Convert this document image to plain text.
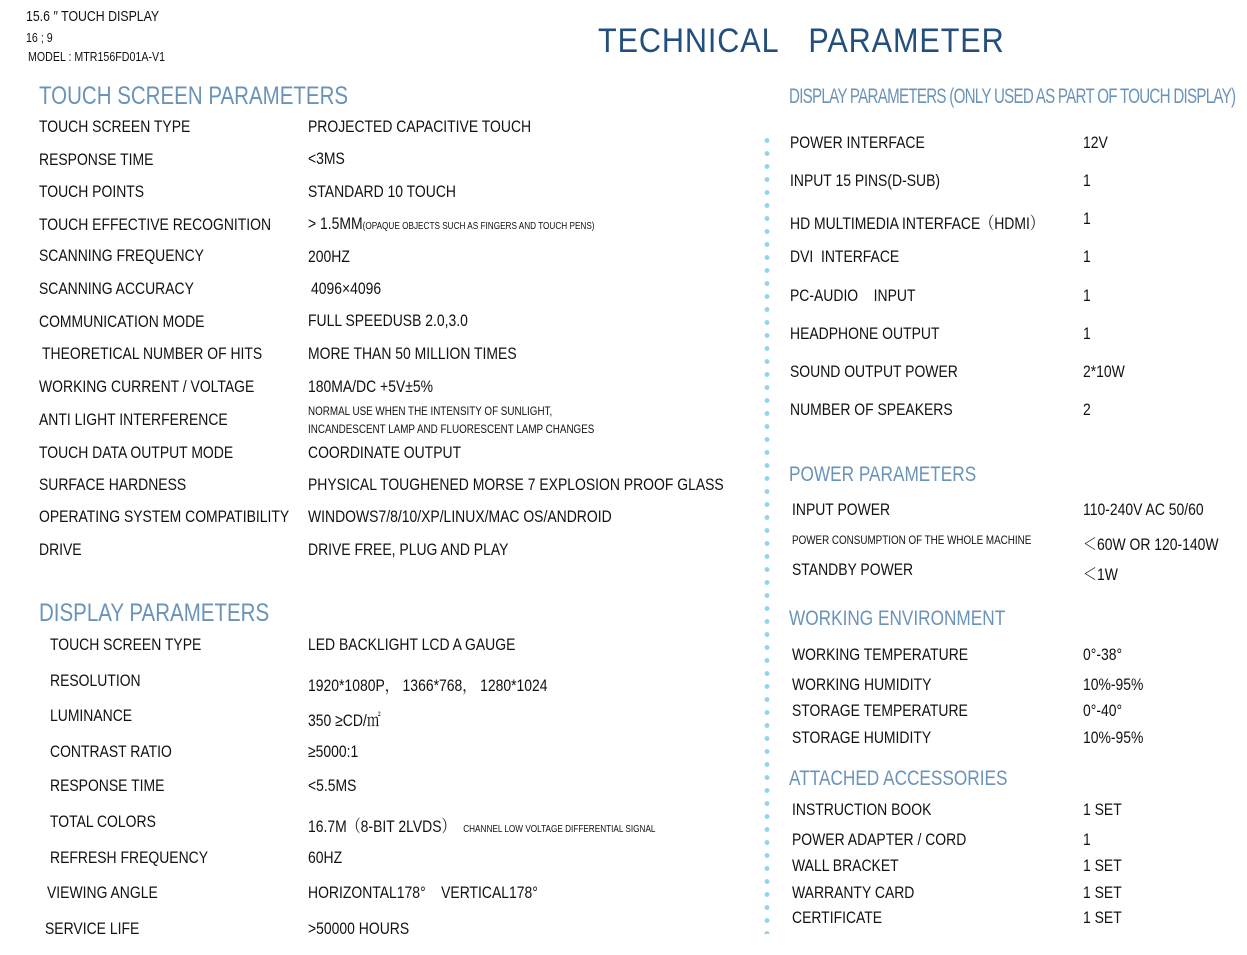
15.6 ′′ TOUCH DISPLAY
16 ; 9
MODEL : MTR156FD01A-V1	TECHNICAL PARAMETER
TOUCH SCREEN PARAMETERS
TOUCH SCREEN TYPE	PROJECTED CAPACITIVE TOUCH
RESPONSE TIME	<3MS
TOUCH POINTS	STANDARD 10 TOUCH
TOUCH EFFECTIVE RECOGNITION	> 1.5MM(OPAQUE OBJECTS SUCH AS FINGERS AND TOUCH PENS)
SCANNING FREQUENCY	200HZ
SCANNING ACCURACY	4096×4096
COMMUNICATION MODE	FULL SPEEDUSB 2.0,3.0
THEORETICAL NUMBER OF HITS	MORE THAN 50 MILLION TIMES
WORKING CURRENT / VOLTAGE	180MA/DC +5V±5%
ANTI LIGHT INTERFERENCE	NORMAL USE WHEN THE INTENSITY OF SUNLIGHT,
INCANDESCENT LAMP AND FLUORESCENT LAMP CHANGES
TOUCH DATA OUTPUT MODE	COORDINATE OUTPUT
SURFACE HARDNESS	PHYSICAL TOUGHENED MORSE 7 EXPLOSION PROOF GLASS
OPERATING SYSTEM COMPATIBILITY	WINDOWS7/8/10/XP/LINUX/MAC OS/ANDROID
DRIVE	DRIVE FREE, PLUG AND PLAY
DISPLAY PARAMETERS
TOUCH SCREEN TYPE	LED BACKLIGHT LCD A GAUGE
RESOLUTION	1920*1080P， 1366*768， 1280*1024
LUMINANCE	350 ≥CD/㎡
CONTRAST RATIO	≥5000:1
RESPONSE TIME	<5.5MS
TOTAL COLORS	16.7M（8-BIT 2LVDS） CHANNEL LOW VOLTAGE DIFFERENTIAL SIGNAL
REFRESH FREQUENCY	60HZ
VIEWING ANGLE	HORIZONTAL178°    VERTICAL178°
SERVICE LIFE	>50000 HOURS
DISPLAY PARAMETERS (ONLY USED AS PART OF TOUCH DISPLAY)
POWER INTERFACE	12V
INPUT 15 PINS(D-SUB)	1
HD MULTIMEDIA INTERFACE（HDMI）	1
DVI  INTERFACE	1
PC-AUDIO    INPUT	1
HEADPHONE OUTPUT	1
SOUND OUTPUT POWER	2*10W
NUMBER OF SPEAKERS	2
POWER PARAMETERS
INPUT POWER	110-240V AC 50/60
POWER CONSUMPTION OF THE WHOLE MACHINE	＜60W OR 120-140W
STANDBY POWER	＜1W
WORKING ENVIRONMENT
WORKING TEMPERATURE	0°-38°
WORKING HUMIDITY	10%-95%
STORAGE TEMPERATURE	0°-40°
STORAGE HUMIDITY	10%-95%
ATTACHED ACCESSORIES
INSTRUCTION BOOK	1 SET
POWER ADAPTER / CORD	1
WALL BRACKET	1 SET
WARRANTY CARD	1 SET
CERTIFICATE	1 SET
